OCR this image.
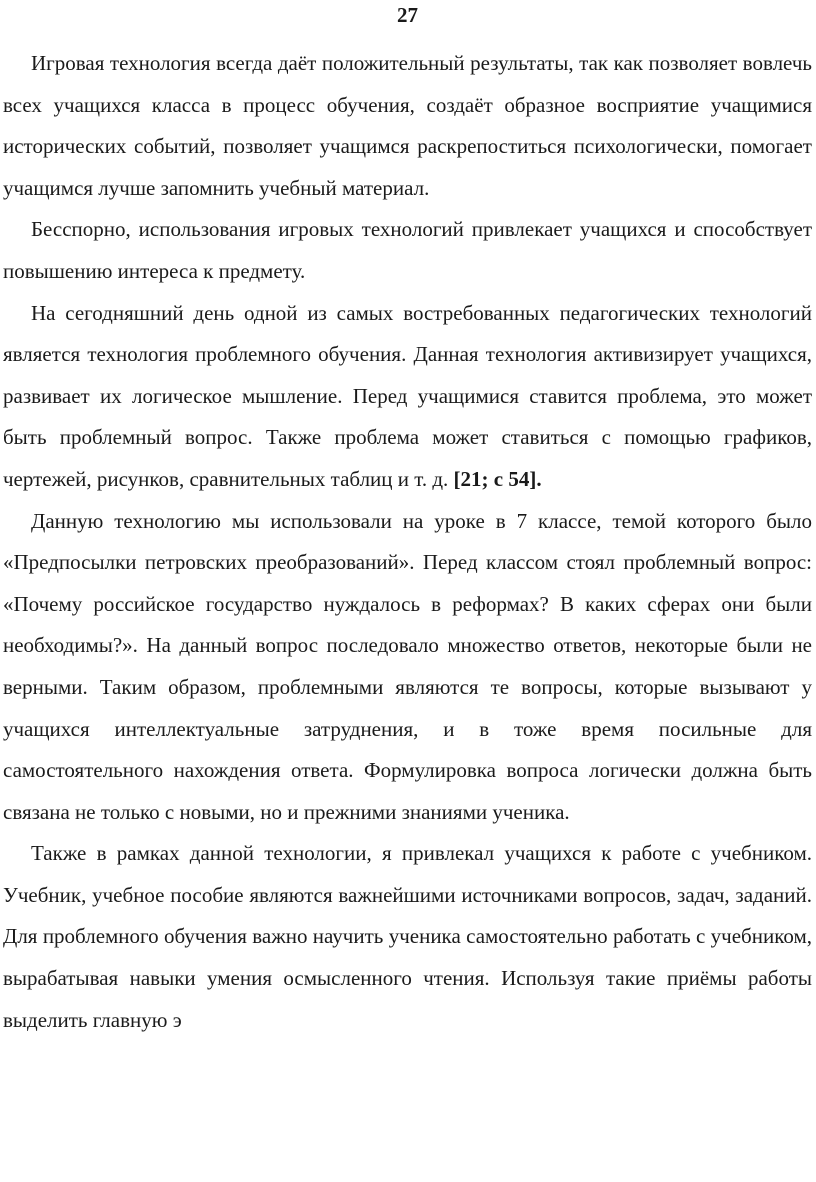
27

Игровая технология всегда даёт положительный результаты, так как позволяет вовлечь всех учащихся класса в процесс обучения, создаёт образное восприятие учащимися исторических событий, позволяет учащимся раскрепоститься психологически, помогает учащимся лучше запомнить учебный материал.

Бесспорно, использования игровых технологий привлекает учащихся и способствует повышению интереса к предмету.

На сегодняшний день одной из самых востребованных педагогических технологий является технология проблемного обучения. Данная технология активизирует учащихся, развивает их логическое мышление. Перед учащимися ставится проблема, это может быть проблемный вопрос. Также проблема может ставиться с помощью графиков, чертежей, рисунков, сравнительных таблиц и т. д. [21; с 54].

Данную технологию мы использовали на уроке в 7 классе, темой которого было «Предпосылки петровских преобразований». Перед классом стоял проблемный вопрос: «Почему российское государство нуждалось в реформах? В каких сферах они были необходимы?». На данный вопрос последовало множество ответов, некоторые были не верными. Таким образом, проблемными являются те вопросы, которые вызывают у учащихся интеллектуальные затруднения, и в тоже время посильные для самостоятельного нахождения ответа. Формулировка вопроса логически должна быть связана не только с новыми, но и прежними знаниями ученика.

Также в рамках данной технологии, я привлекал учащихся к работе с учебником. Учебник, учебное пособие являются важнейшими источниками вопросов, задач, заданий. Для проблемного обучения важно научить ученика самостоятельно работать с учебником, вырабатывая навыки умения осмысленного чтения. Используя такие приёмы работы выделить главную э
